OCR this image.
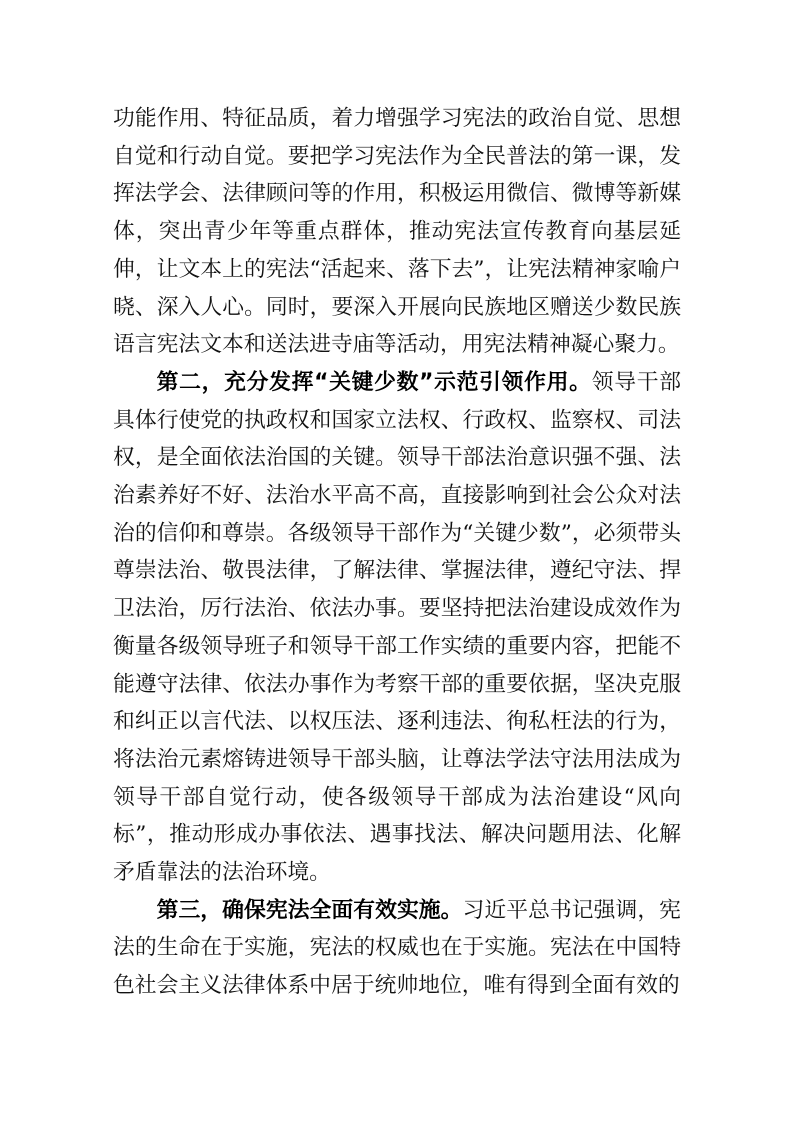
功能作用、特征品质，着力增强学习宪法的政治自觉、思想自觉和行动自觉。要把学习宪法作为全民普法的第一课，发挥法学会、法律顾问等的作用，积极运用微信、微博等新媒体，突出青少年等重点群体，推动宪法宣传教育向基层延伸，让文本上的宪法“活起来、落下去”，让宪法精神家喻户晓、深入人心。同时，要深入开展向民族地区赠送少数民族语言宪法文本和送法进寺庙等活动，用宪法精神凝心聚力。

第二，充分发挥“关键少数”示范引领作用。领导干部具体行使党的执政权和国家立法权、行政权、监察权、司法权，是全面依法治国的关键。领导干部法治意识强不强、法治素养好不好、法治水平高不高，直接影响到社会公众对法治的信仰和尊崇。各级领导干部作为“关键少数”，必须带头尊崇法治、敬畏法律，了解法律、掌握法律，遵纪守法、捍卫法治，厉行法治、依法办事。要坚持把法治建设成效作为衡量各级领导班子和领导干部工作实绩的重要内容，把能不能遵守法律、依法办事作为考察干部的重要依据，坚决克服和纠正以言代法、以权压法、逐利违法、徇私枉法的行为，将法治元素熔铸进领导干部头脑，让尊法学法守法用法成为领导干部自觉行动，使各级领导干部成为法治建设“风向标”，推动形成办事依法、遇事找法、解决问题用法、化解矛盾靠法的法治环境。

第三，确保宪法全面有效实施。习近平总书记强调，宪法的生命在于实施，宪法的权威也在于实施。宪法在中国特色社会主义法律体系中居于统帅地位，唯有得到全面有效的
